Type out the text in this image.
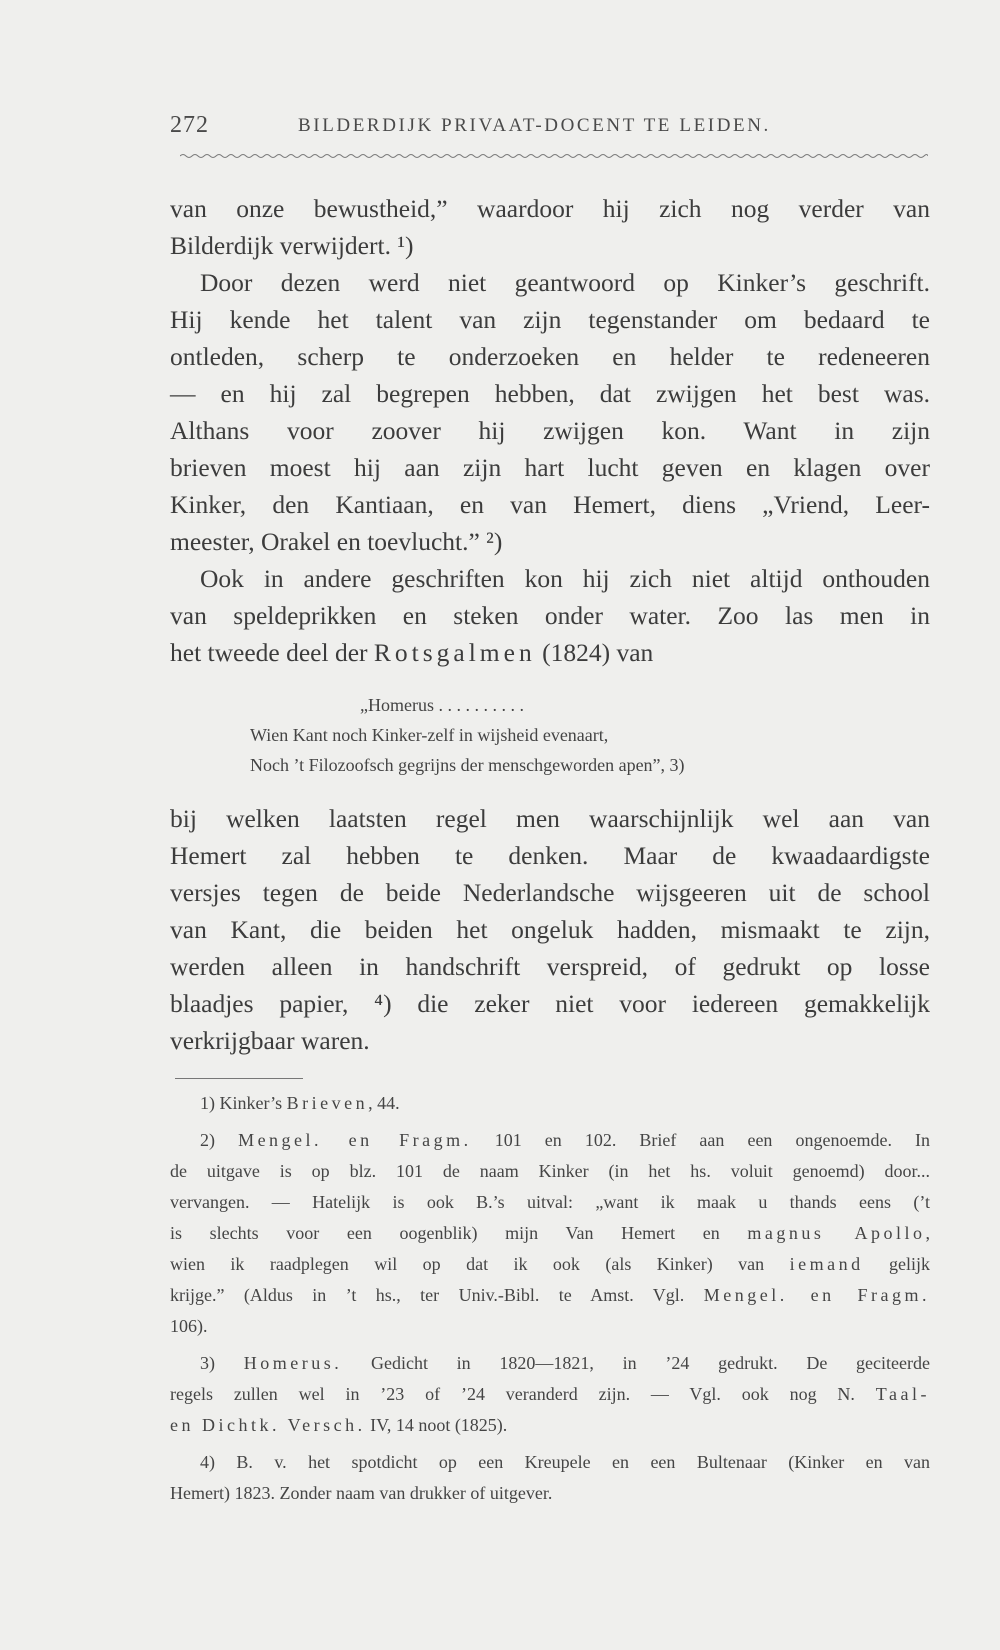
272	BILDERDIJK PRIVAAT-DOCENT TE LEIDEN.
van onze bewustheid,” waardoor hij zich nog verder van
Bilderdijk verwijdert. ¹)
Door dezen werd niet geantwoord op Kinker’s geschrift.
Hij kende het talent van zijn tegenstander om bedaard te
ontleden, scherp te onderzoeken en helder te redeneeren
— en hij zal begrepen hebben, dat zwijgen het best was.
Althans voor zoover hij zwijgen kon. Want in zijn
brieven moest hij aan zijn hart lucht geven en klagen over
Kinker, den Kantiaan, en van Hemert, diens „Vriend, Leer-
meester, Orakel en toevlucht.” ²)
Ook in andere geschriften kon hij zich niet altijd onthouden
van speldeprikken en steken onder water. Zoo las men in
het tweede deel der Rotsgalmen (1824) van
„Homerus . . . . . . . . . .
Wien Kant noch Kinker-zelf in wijsheid evenaart,
Noch ’t Filozoofsch gegrijns der menschgeworden apen”, 3)
bij welken laatsten regel men waarschijnlijk wel aan van
Hemert zal hebben te denken. Maar de kwaadaardigste
versjes tegen de beide Nederlandsche wijsgeeren uit de school
van Kant, die beiden het ongeluk hadden, mismaakt te zijn,
werden alleen in handschrift verspreid, of gedrukt op losse
blaadjes papier, ⁴) die zeker niet voor iedereen gemakkelijk
verkrijgbaar waren.
1) Kinker’s Brieven, 44.
2) Mengel. en Fragm. 101 en 102. Brief aan een ongenoemde. In
de uitgave is op blz. 101 de naam Kinker (in het hs. voluit genoemd) door...
vervangen. — Hatelijk is ook B.’s uitval: „want ik maak u thands eens (’t
is slechts voor een oogenblik) mijn Van Hemert en magnus Apollo,
wien ik raadplegen wil op dat ik ook (als Kinker) van iemand gelijk
krijge.” (Aldus in ’t hs., ter Univ.-Bibl. te Amst. Vgl. Mengel. en Fragm.
106).
3) Homerus. Gedicht in 1820—1821, in ’24 gedrukt. De geciteerde
regels zullen wel in ’23 of ’24 veranderd zijn. — Vgl. ook nog N. Taal-
en Dichtk. Versch. IV, 14 noot (1825).
4) B. v. het spotdicht op een Kreupele en een Bultenaar (Kinker en van
Hemert) 1823. Zonder naam van drukker of uitgever.
